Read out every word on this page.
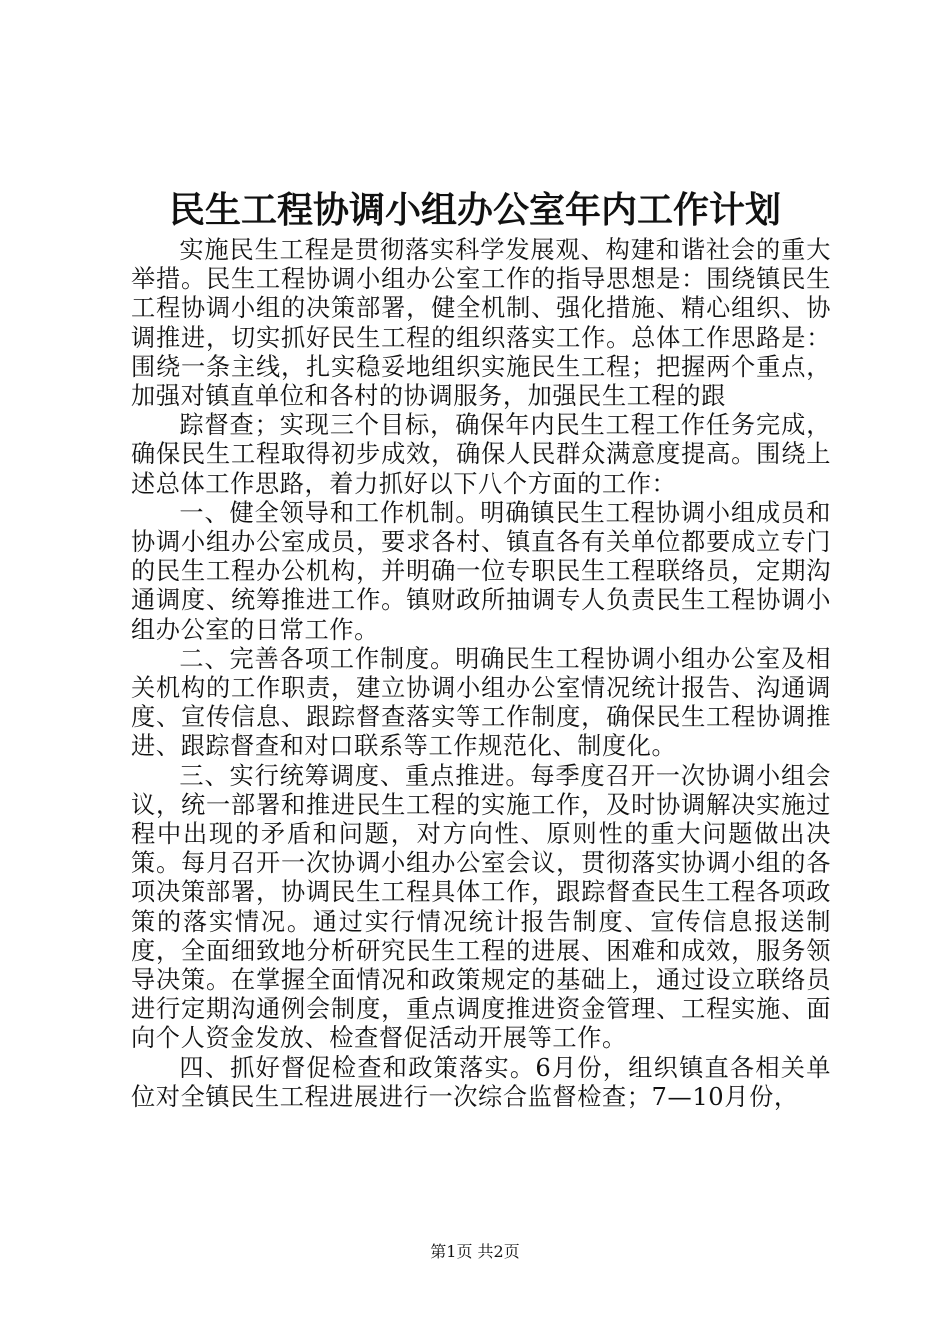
民生工程协调小组办公室年内工作计划

实施民生工程是贯彻落实科学发展观、构建和谐社会的重大举措。民生工程协调小组办公室工作的指导思想是：围绕镇民生工程协调小组的决策部署，健全机制、强化措施、精心组织、协调推进，切实抓好民生工程的组织落实工作。总体工作思路是：围绕一条主线，扎实稳妥地组织实施民生工程；把握两个重点，加强对镇直单位和各村的协调服务，加强民生工程的跟

踪督查；实现三个目标，确保年内民生工程工作任务完成，确保民生工程取得初步成效，确保人民群众满意度提高。围绕上述总体工作思路，着力抓好以下八个方面的工作：

一、健全领导和工作机制。明确镇民生工程协调小组成员和协调小组办公室成员，要求各村、镇直各有关单位都要成立专门的民生工程办公机构，并明确一位专职民生工程联络员，定期沟通调度、统筹推进工作。镇财政所抽调专人负责民生工程协调小组办公室的日常工作。

二、完善各项工作制度。明确民生工程协调小组办公室及相关机构的工作职责，建立协调小组办公室情况统计报告、沟通调度、宣传信息、跟踪督查落实等工作制度，确保民生工程协调推进、跟踪督查和对口联系等工作规范化、制度化。

三、实行统筹调度、重点推进。每季度召开一次协调小组会议，统一部署和推进民生工程的实施工作，及时协调解决实施过程中出现的矛盾和问题，对方向性、原则性的重大问题做出决策。每月召开一次协调小组办公室会议，贯彻落实协调小组的各项决策部署，协调民生工程具体工作，跟踪督查民生工程各项政策的落实情况。通过实行情况统计报告制度、宣传信息报送制度，全面细致地分析研究民生工程的进展、困难和成效，服务领导决策。在掌握全面情况和政策规定的基础上，通过设立联络员进行定期沟通例会制度，重点调度推进资金管理、工程实施、面向个人资金发放、检查督促活动开展等工作。

四、抓好督促检查和政策落实。6月份，组织镇直各相关单位对全镇民生工程进展进行一次综合监督检查；7—10月份，

第1页 共2页
